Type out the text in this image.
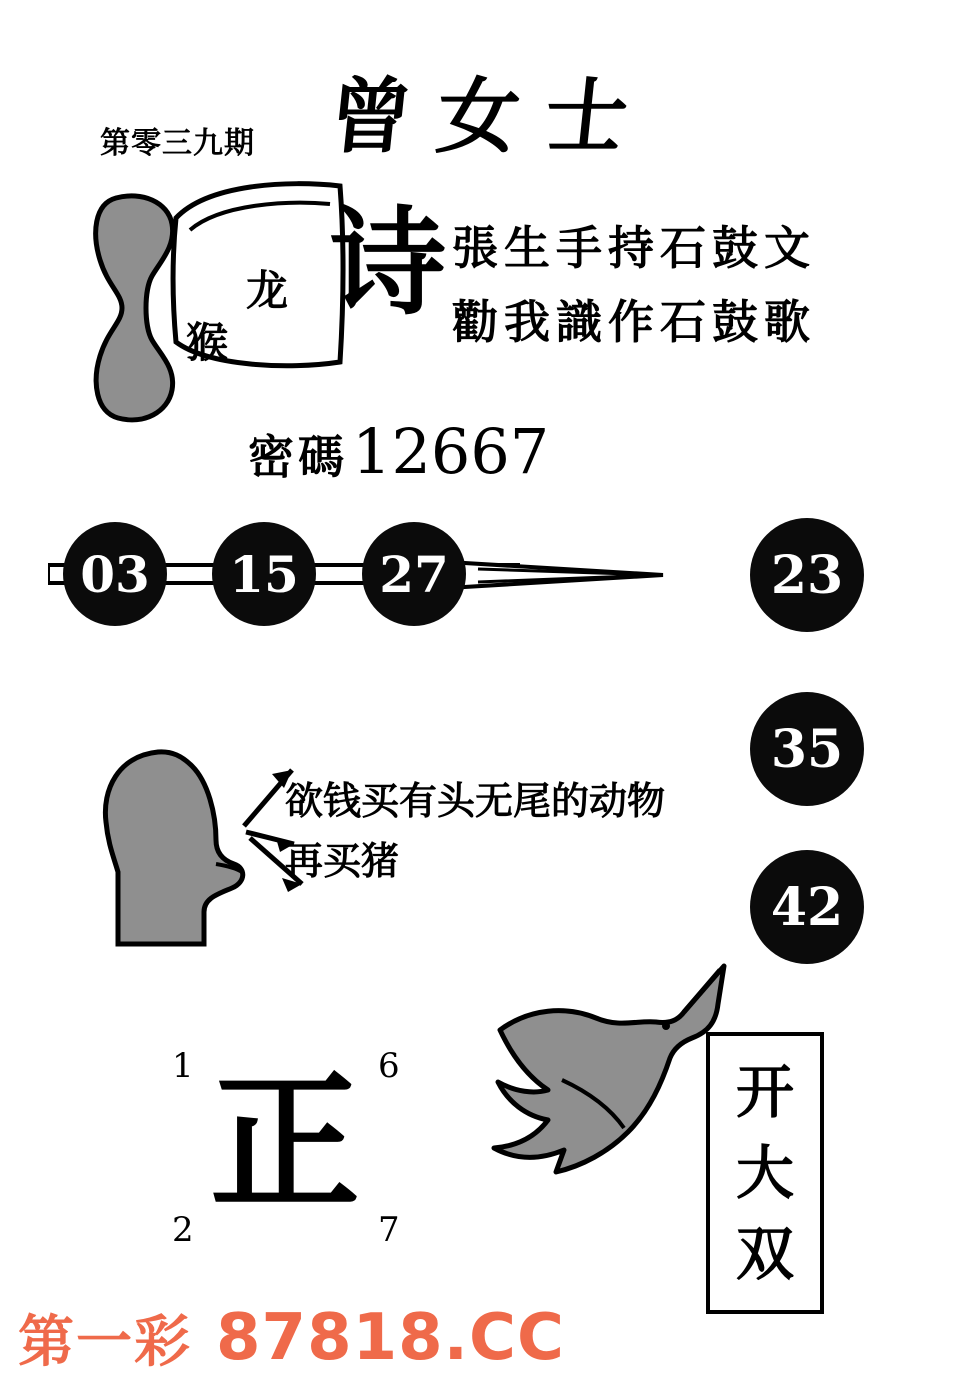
第零三九期 曾女士
龙
猴
诗 張生手持石鼓文
勸我識作石鼓歌
密碼 12667
03	15	27	23
35
42
欲钱买有头无尾的动物
再买猪
1	6
2	7
正	开
大
双
第一彩 87818.CC
